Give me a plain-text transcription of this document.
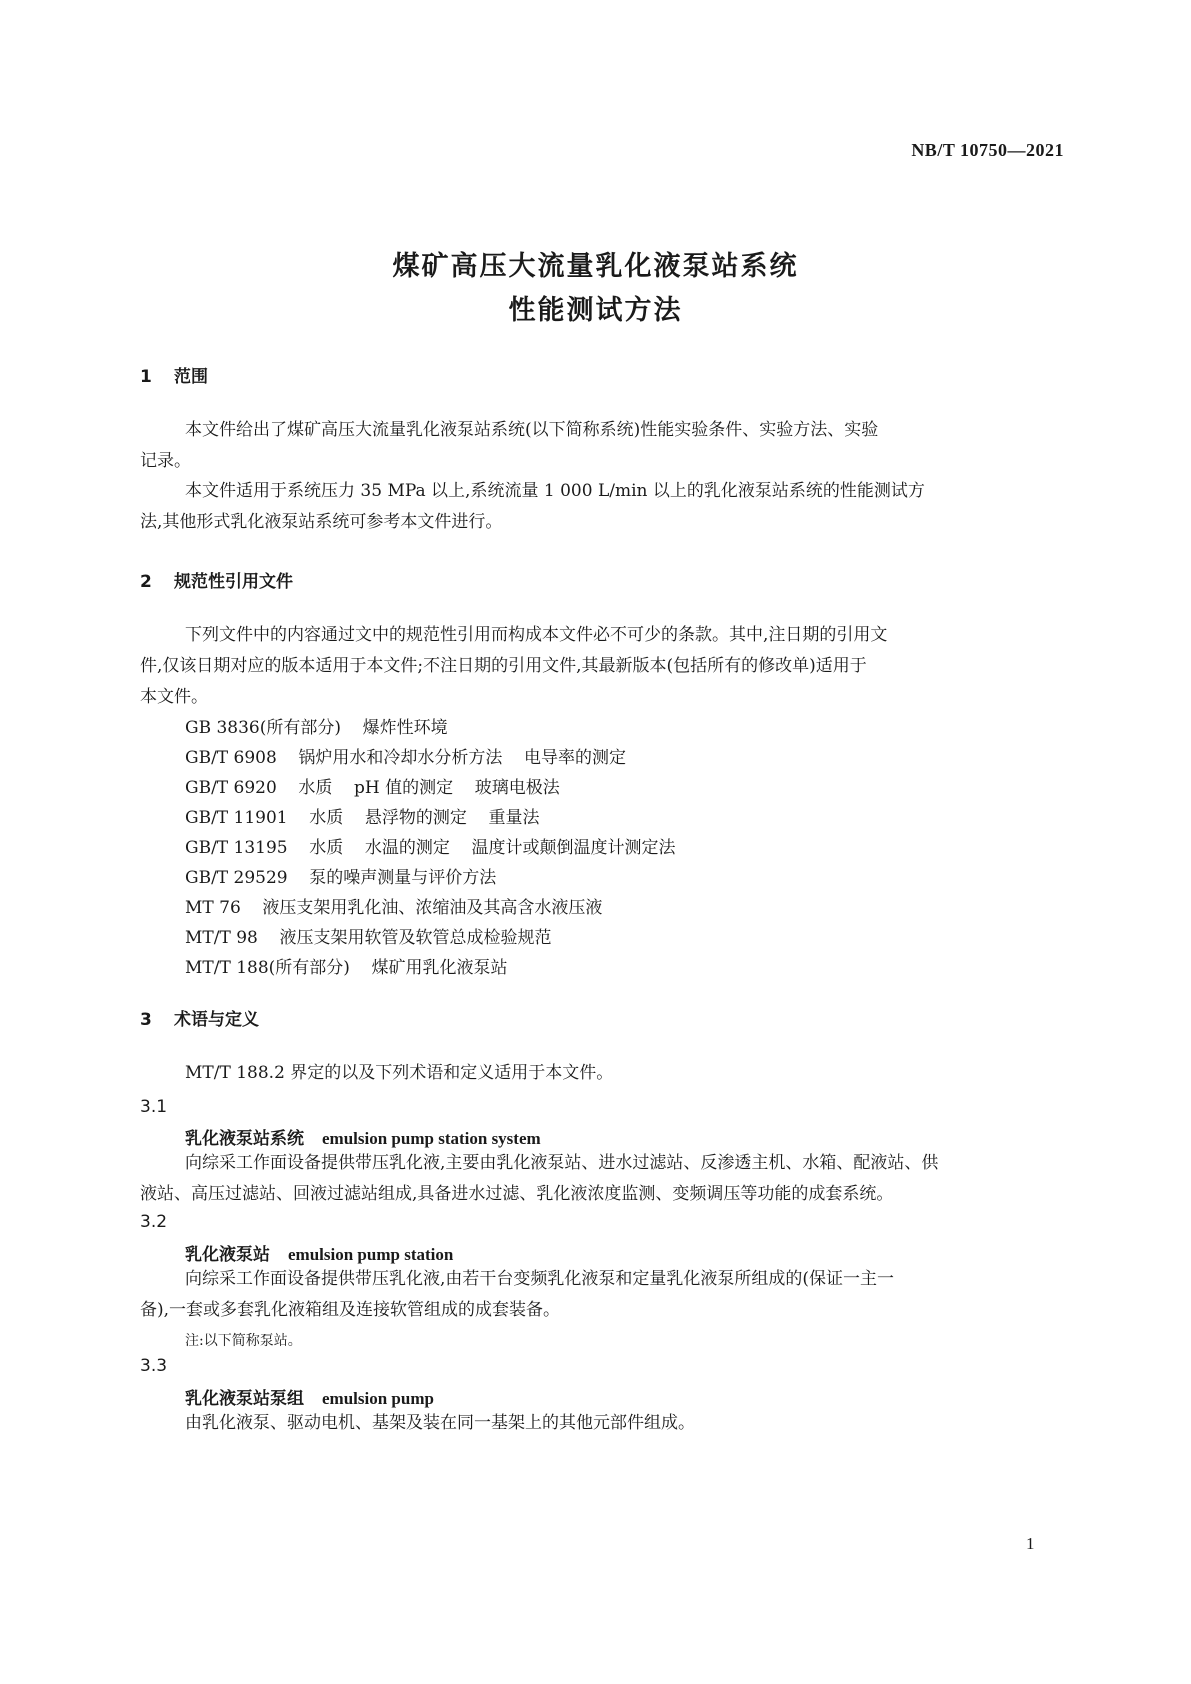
NB/T 10750—2021
煤矿高压大流量乳化液泵站系统
性能测试方法
1 范围
本文件给出了煤矿高压大流量乳化液泵站系统(以下简称系统)性能实验条件、实验方法、实验
记录。
本文件适用于系统压力 35 MPa 以上,系统流量 1 000 L/min 以上的乳化液泵站系统的性能测试方
法,其他形式乳化液泵站系统可参考本文件进行。
2 规范性引用文件
下列文件中的内容通过文中的规范性引用而构成本文件必不可少的条款。其中,注日期的引用文
件,仅该日期对应的版本适用于本文件;不注日期的引用文件,其最新版本(包括所有的修改单)适用于
本文件。
GB 3836(所有部分)    爆炸性环境
GB/T 6908    锅炉用水和冷却水分析方法    电导率的测定
GB/T 6920    水质    pH 值的测定    玻璃电极法
GB/T 11901    水质    悬浮物的测定    重量法
GB/T 13195    水质    水温的测定    温度计或颠倒温度计测定法
GB/T 29529    泵的噪声测量与评价方法
MT 76    液压支架用乳化油、浓缩油及其高含水液压液
MT/T 98    液压支架用软管及软管总成检验规范
MT/T 188(所有部分)    煤矿用乳化液泵站
3 术语与定义
MT/T 188.2 界定的以及下列术语和定义适用于本文件。
3.1
乳化液泵站系统 emulsion pump station system
向综采工作面设备提供带压乳化液,主要由乳化液泵站、进水过滤站、反渗透主机、水箱、配液站、供
液站、高压过滤站、回液过滤站组成,具备进水过滤、乳化液浓度监测、变频调压等功能的成套系统。
3.2
乳化液泵站 emulsion pump station
向综采工作面设备提供带压乳化液,由若干台变频乳化液泵和定量乳化液泵所组成的(保证一主一
备),一套或多套乳化液箱组及连接软管组成的成套装备。
注:以下简称泵站。
3.3
乳化液泵站泵组 emulsion pump
由乳化液泵、驱动电机、基架及装在同一基架上的其他元部件组成。
1
